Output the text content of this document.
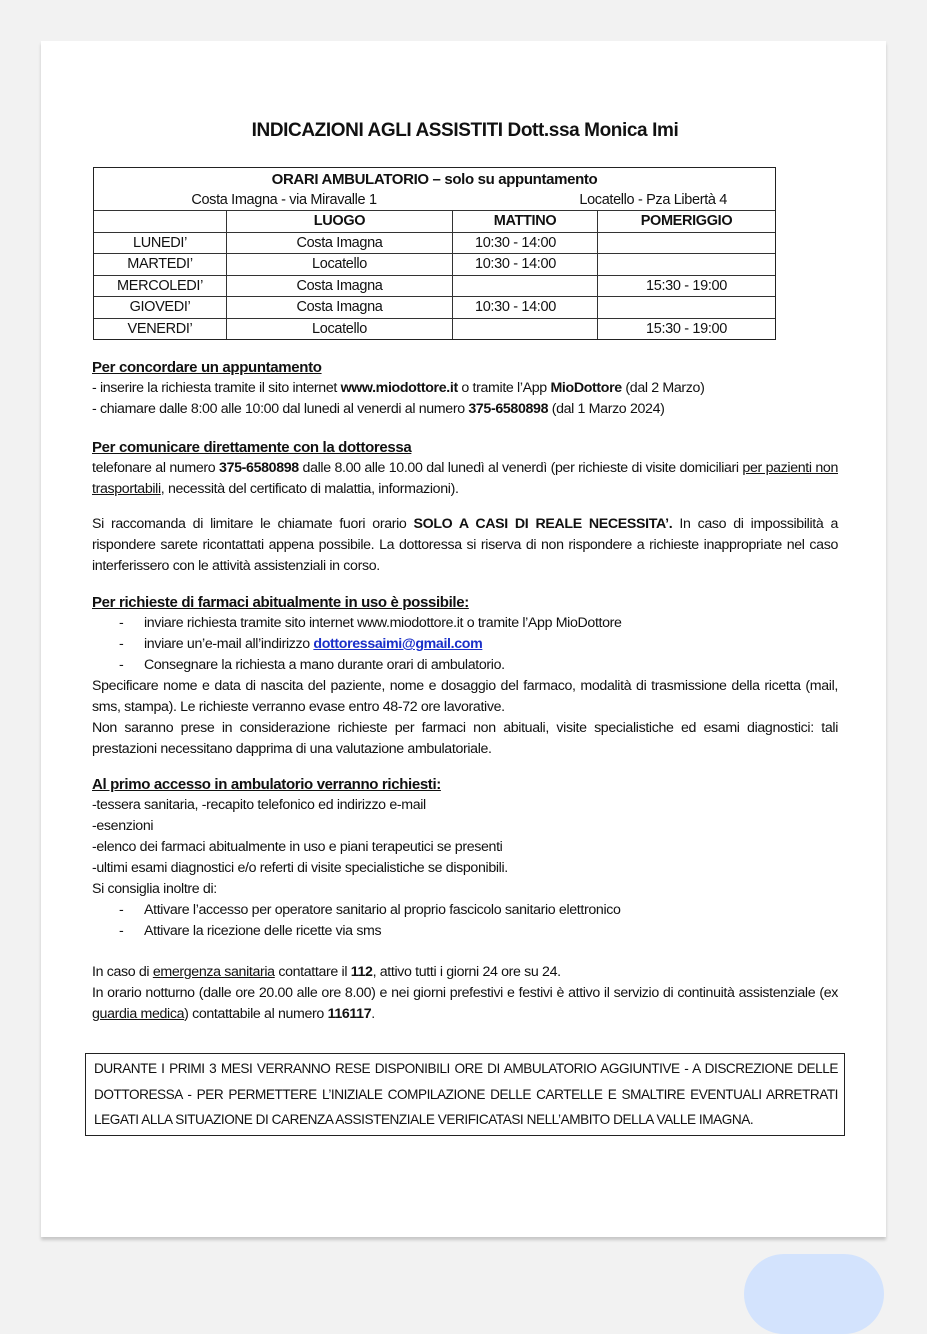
INDICAZIONI AGLI ASSISTITI Dott.ssa Monica Imi
ORARI AMBULATORIO – solo su appuntamento
Costa Imagna - via Miravalle 1	Locatello - Pza Libertà 4
	LUOGO	MATTINO	POMERIGGIO
LUNEDI’	Costa Imagna	10:30 - 14:00	
MARTEDI’	Locatello	10:30 - 14:00	
MERCOLEDI’	Costa Imagna		15:30 - 19:00
GIOVEDI’	Costa Imagna	10:30 - 14:00	
VENERDI’	Locatello		15:30 - 19:00
Per concordare un appuntamento
- inserire la richiesta tramite il sito internet www.miodottore.it o tramite l’App MioDottore (dal 2 Marzo)
- chiamare dalle 8:00 alle 10:00 dal lunedi al venerdi al numero 375-6580898 (dal 1 Marzo 2024)
Per comunicare direttamente con la dottoressa
telefonare al numero 375-6580898 dalle 8.00 alle 10.00 dal lunedì al venerdì (per richieste di visite domiciliari per pazienti non trasportabili, necessità del certificato di malattia, informazioni).
Si raccomanda di limitare le chiamate fuori orario SOLO A CASI DI REALE NECESSITA’. In caso di impossibilità a rispondere sarete ricontattati appena possibile. La dottoressa si riserva di non rispondere a richieste inappropriate nel caso interferissero con le attività assistenziali in corso.
Per richieste di farmaci abitualmente in uso è possibile:
- inviare richiesta tramite sito internet www.miodottore.it o tramite l’App MioDottore
- inviare un’e-mail all’indirizzo dottoressaimi@gmail.com
- Consegnare la richiesta a mano durante orari di ambulatorio.
Specificare nome e data di nascita del paziente, nome e dosaggio del farmaco, modalità di trasmissione della ricetta (mail, sms, stampa). Le richieste verranno evase entro 48-72 ore lavorative.
Non saranno prese in considerazione richieste per farmaci non abituali, visite specialistiche ed esami diagnostici: tali prestazioni necessitano dapprima di una valutazione ambulatoriale.
Al primo accesso in ambulatorio verranno richiesti:
-tessera sanitaria, -recapito telefonico ed indirizzo e-mail
-esenzioni
-elenco dei farmaci abitualmente in uso e piani terapeutici se presenti
-ultimi esami diagnostici e/o referti di visite specialistiche se disponibili.
Si consiglia inoltre di:
- Attivare l’accesso per operatore sanitario al proprio fascicolo sanitario elettronico
- Attivare la ricezione delle ricette via sms
In caso di emergenza sanitaria contattare il 112, attivo tutti i giorni 24 ore su 24.
In orario notturno (dalle ore 20.00 alle ore 8.00) e nei giorni prefestivi e festivi è attivo il servizio di continuità assistenziale (ex guardia medica) contattabile al numero 116117.
DURANTE I PRIMI 3 MESI VERRANNO RESE DISPONIBILI ORE DI AMBULATORIO AGGIUNTIVE - A DISCREZIONE DELLE DOTTORESSA - PER PERMETTERE L’INIZIALE COMPILAZIONE DELLE CARTELLE E SMALTIRE EVENTUALI ARRETRATI LEGATI ALLA SITUAZIONE DI CARENZA ASSISTENZIALE VERIFICATASI NELL’AMBITO DELLA VALLE IMAGNA.
